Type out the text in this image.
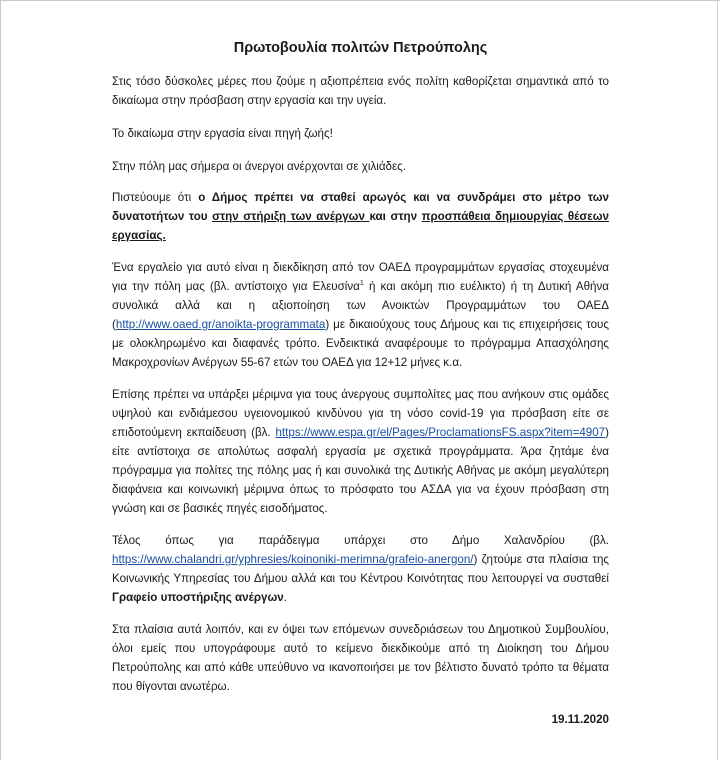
Πρωτοβουλία πολιτών Πετρούπολης

Στις τόσο δύσκολες μέρες που ζούμε η αξιοπρέπεια ενός πολίτη καθορίζεται σημαντικά από το δικαίωμα στην πρόσβαση στην εργασία και την υγεία.

Το δικαίωμα στην εργασία είναι πηγή ζωής!

Στην πόλη μας σήμερα οι άνεργοι ανέρχονται σε χιλιάδες.

Πιστεύουμε ότι ο Δήμος πρέπει να σταθεί αρωγός και να συνδράμει στο μέτρο των δυνατοτήτων του στην στήριξη των ανέργων και στην προσπάθεια δημιουργίας θέσεων εργασίας.

Ένα εργαλείο για αυτό είναι η διεκδίκηση από τον ΟΑΕΔ προγραμμάτων εργασίας στοχευμένα για την πόλη μας (βλ. αντίστοιχο για Ελευσίνα$^1$ ή και ακόμη πιο ευέλικτο) ή τη Δυτική Αθήνα συνολικά αλλά και η αξιοποίηση των Ανοικτών Προγραμμάτων του ΟΑΕΔ (http://www.oaed.gr/anoikta-programmata) με δικαιούχους τους Δήμους και τις επιχειρήσεις τους με ολοκληρωμένο και διαφανές τρόπο. Ενδεικτικά αναφέρουμε το πρόγραμμα Απασχόλησης Μακροχρονίων Ανέργων 55-67 ετών του ΟΑΕΔ για 12+12 μήνες κ.α.

Επίσης πρέπει να υπάρξει μέριμνα για τους άνεργους συμπολίτες μας που ανήκουν στις ομάδες υψηλού και ενδιάμεσου υγειονομικού κινδύνου για τη νόσο covid-19 για πρόσβαση είτε σε επιδοτούμενη εκπαίδευση (βλ. https://www.espa.gr/el/Pages/ProclamationsFS.aspx?item=4907) είτε αντίστοιχα σε απολύτως ασφαλή εργασία με σχετικά προγράμματα. Άρα ζητάμε ένα πρόγραμμα για πολίτες της πόλης μας ή και συνολικά της Δυτικής Αθήνας με ακόμη μεγαλύτερη διαφάνεια και κοινωνική μέριμνα όπως το πρόσφατο του ΑΣΔΑ για να έχουν πρόσβαση στη γνώση και σε βασικές πηγές εισοδήματος.

Τέλος όπως για παράδειγμα υπάρχει στο Δήμο Χαλανδρίου (βλ. https://www.chalandri.gr/yphresies/koinoniki-merimna/grafeio-anergon/) ζητούμε στα πλαίσια της Κοινωνικής Υπηρεσίας του Δήμου αλλά και του Κέντρου Κοινότητας που λειτουργεί να συσταθεί Γραφείο υποστήριξης ανέργων.

Στα πλαίσια αυτά λοιπόν, και εν όψει των επόμενων συνεδριάσεων του Δημοτικού Συμβουλίου, όλοι εμείς που υπογράφουμε αυτό το κείμενο διεκδικούμε από τη Διοίκηση του Δήμου Πετρούπολης και από κάθε υπεύθυνο να ικανοποιήσει με τον βέλτιστο δυνατό τρόπο τα θέματα που θίγονται ανωτέρω.

19.11.2020
